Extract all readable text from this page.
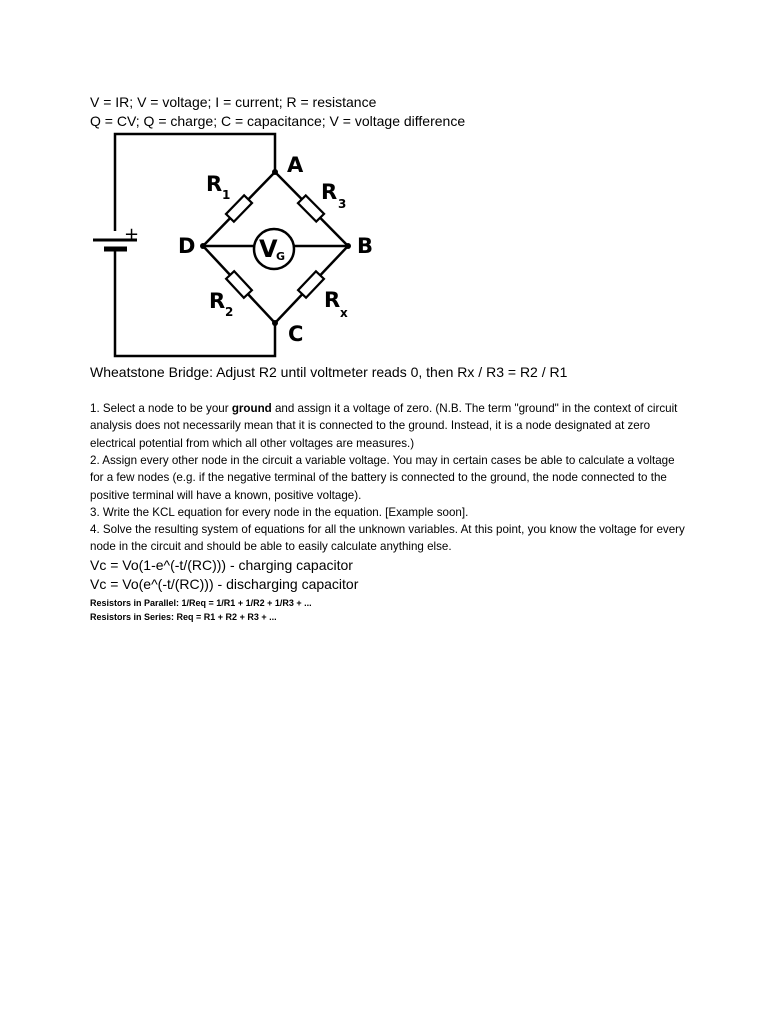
V = IR; V = voltage; I = current; R = resistance
Q = CV; Q = charge; C = capacitance; V = voltage difference
+
V
G
A
B
C
D
R 1	R 3
R 2	R
x
Wheatstone Bridge: Adjust R2 until voltmeter reads 0, then Rx / R3 = R2 / R1
1. Select a node to be your ground and assign it a voltage of zero. (N.B. The term "ground" in the context of circuit analysis does not necessarily mean that it is connected to the ground. Instead, it is a node designated at zero electrical potential from which all other voltages are measures.)
2. Assign every other node in the circuit a variable voltage. You may in certain cases be able to calculate a voltage for a few nodes (e.g. if the negative terminal of the battery is connected to the ground, the node connected to the positive terminal will have a known, positive voltage).
3. Write the KCL equation for every node in the equation. [Example soon].
4. Solve the resulting system of equations for all the unknown variables. At this point, you know the voltage for every node in the circuit and should be able to easily calculate anything else.
Vc = Vo(1-e^(-t/(RC))) - charging capacitor
Vc = Vo(e^(-t/(RC))) - discharging capacitor
Resistors in Parallel: 1/Req = 1/R1 + 1/R2 + 1/R3 + ...
Resistors in Series: Req = R1 + R2 + R3 + ...
